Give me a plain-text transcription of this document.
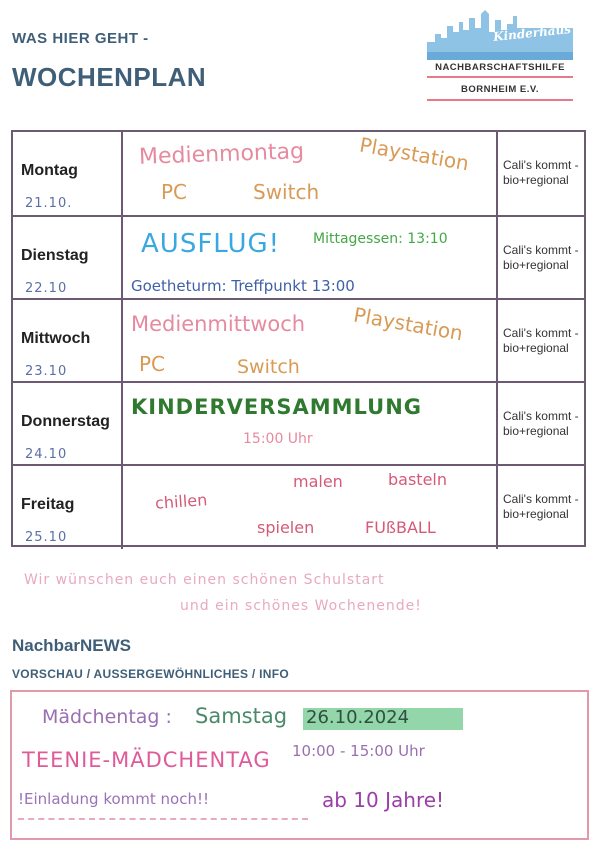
WAS HIER GEHT -
WOCHENPLAN
Kinderhaus
NACHBARSCHAFTSHILFE
BORNHEIM E.V.
Montag
21.10.
Medienmontag	Playstation
PC	Switch
Cali's kommt - bio+regional
Dienstag
22.10
AUSFLUG! Mittagessen: 13:10
Goetheturm: Treffpunkt 13:00
Cali's kommt - bio+regional
Mittwoch
23.10
Medienmittwoch Playstation
PC	Switch
Cali's kommt - bio+regional
Donnerstag
24.10
KINDERVERSAMMLUNG
15:00 Uhr
Cali's kommt - bio+regional
Freitag
25.10
malen	basteln
chillen
spielen	FUßBALL
Cali's kommt - bio+regional
Wir wünschen euch einen schönen Schulstart
und ein schönes Wochenende!
NachbarNEWS
VORSCHAU / AUSSERGEWÖHNLICHES / INFO
Mädchentag : Samstag 26.10.2024
10:00 - 15:00 Uhr
TEENIE-MÄDCHENTAG
!Einladung kommt noch!!	ab 10 Jahre!
